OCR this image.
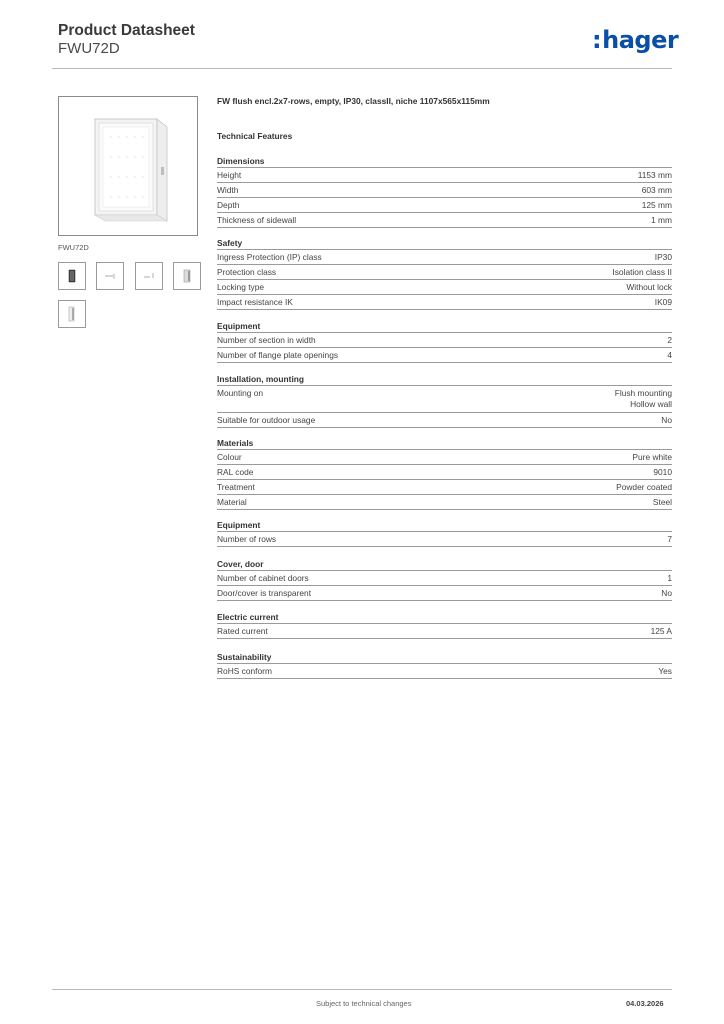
Product Datasheet
FWU72D	:hager
FWU72D
FW flush encl.2x7-rows, empty, IP30, classII, niche 1107x565x115mm
Technical Features
Dimensions
Height	1153 mm
Width	603 mm
Depth	125 mm
Thickness of sidewall	1 mm
Safety
Ingress Protection (IP) class	IP30
Protection class	Isolation class II
Locking type	Without lock
Impact resistance IK	IK09
Equipment
Number of section in width	2
Number of flange plate openings	4
Installation, mounting
Mounting on	Flush mounting
Hollow wall
Suitable for outdoor usage	No
Materials
Colour	Pure white
RAL code	9010
Treatment	Powder coated
Material	Steel
Equipment
Number of rows	7
Cover, door
Number of cabinet doors	1
Door/cover is transparent	No
Electric current
Rated current	125 A
Sustainability
RoHS conform	Yes
Subject to technical changes	04.03.2026
